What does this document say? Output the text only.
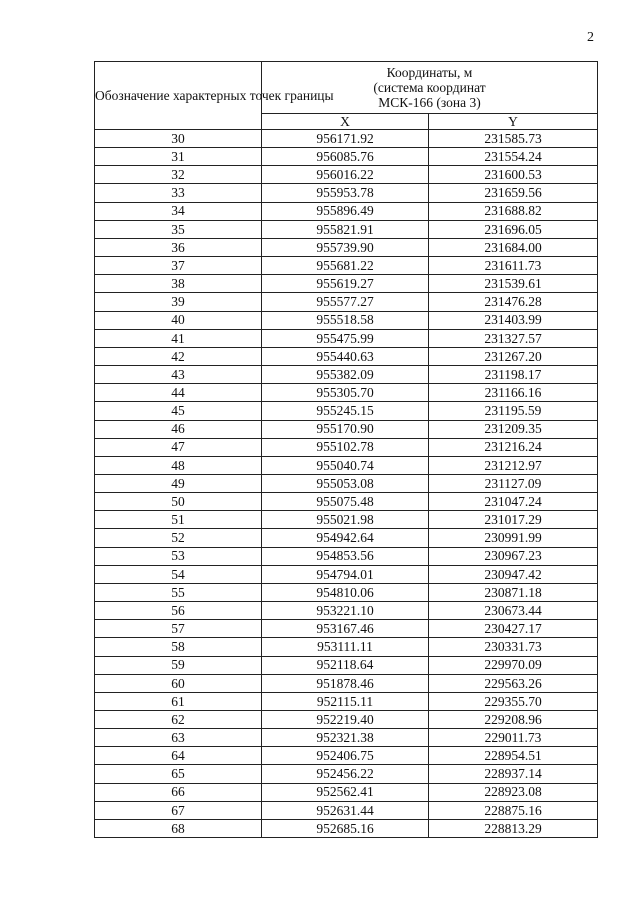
2
Обозначение характерных точек границы	Координаты, м
(система координат
МСК-166 (зона 3)	
	X	Y
30	956171.92	231585.73
31	956085.76	231554.24
32	956016.22	231600.53
33	955953.78	231659.56
34	955896.49	231688.82
35	955821.91	231696.05
36	955739.90	231684.00
37	955681.22	231611.73
38	955619.27	231539.61
39	955577.27	231476.28
40	955518.58	231403.99
41	955475.99	231327.57
42	955440.63	231267.20
43	955382.09	231198.17
44	955305.70	231166.16
45	955245.15	231195.59
46	955170.90	231209.35
47	955102.78	231216.24
48	955040.74	231212.97
49	955053.08	231127.09
50	955075.48	231047.24
51	955021.98	231017.29
52	954942.64	230991.99
53	954853.56	230967.23
54	954794.01	230947.42
55	954810.06	230871.18
56	953221.10	230673.44
57	953167.46	230427.17
58	953111.11	230331.73
59	952118.64	229970.09
60	951878.46	229563.26
61	952115.11	229355.70
62	952219.40	229208.96
63	952321.38	229011.73
64	952406.75	228954.51
65	952456.22	228937.14
66	952562.41	228923.08
67	952631.44	228875.16
68	952685.16	228813.29
